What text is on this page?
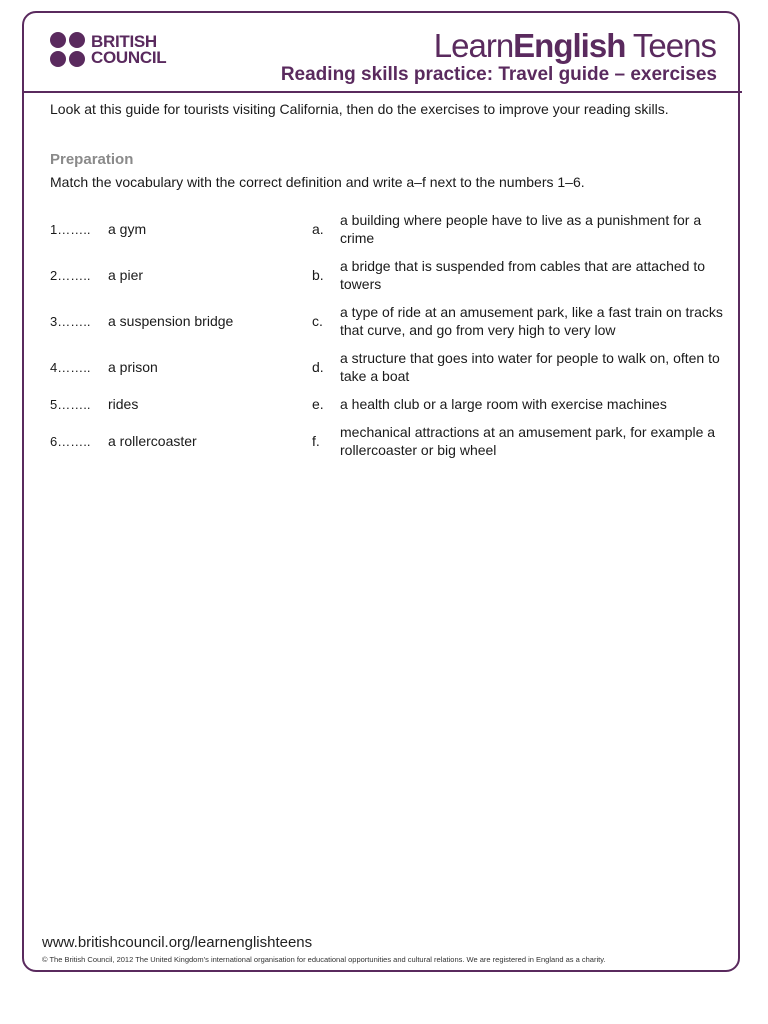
BRITISH
COUNCIL	LearnEnglish Teens
Reading skills practice: Travel guide – exercises
Look at this guide for tourists visiting California, then do the exercises to improve your reading skills.
Preparation
Match the vocabulary with the correct definition and write a–f next to the numbers 1–6.
1……..	a gym	a.
a building where people have to live as a punishment for a crime
2……..	a pier	b.
a bridge that is suspended from cables that are attached to towers
3……..	a suspension bridge	c.
a type of ride at an amusement park, like a fast train on tracks that curve, and go from very high to very low
4……..	a prison	d.
a structure that goes into water for people to walk on, often to take a boat
5……..	rides	e.	a health club or a large room with exercise machines
6……..	a rollercoaster	f.
mechanical attractions at an amusement park, for example a rollercoaster or big wheel
www.britishcouncil.org/learnenglishteens
© The British Council, 2012 The United Kingdom’s international organisation for educational opportunities and cultural relations. We are registered in England as a charity.
